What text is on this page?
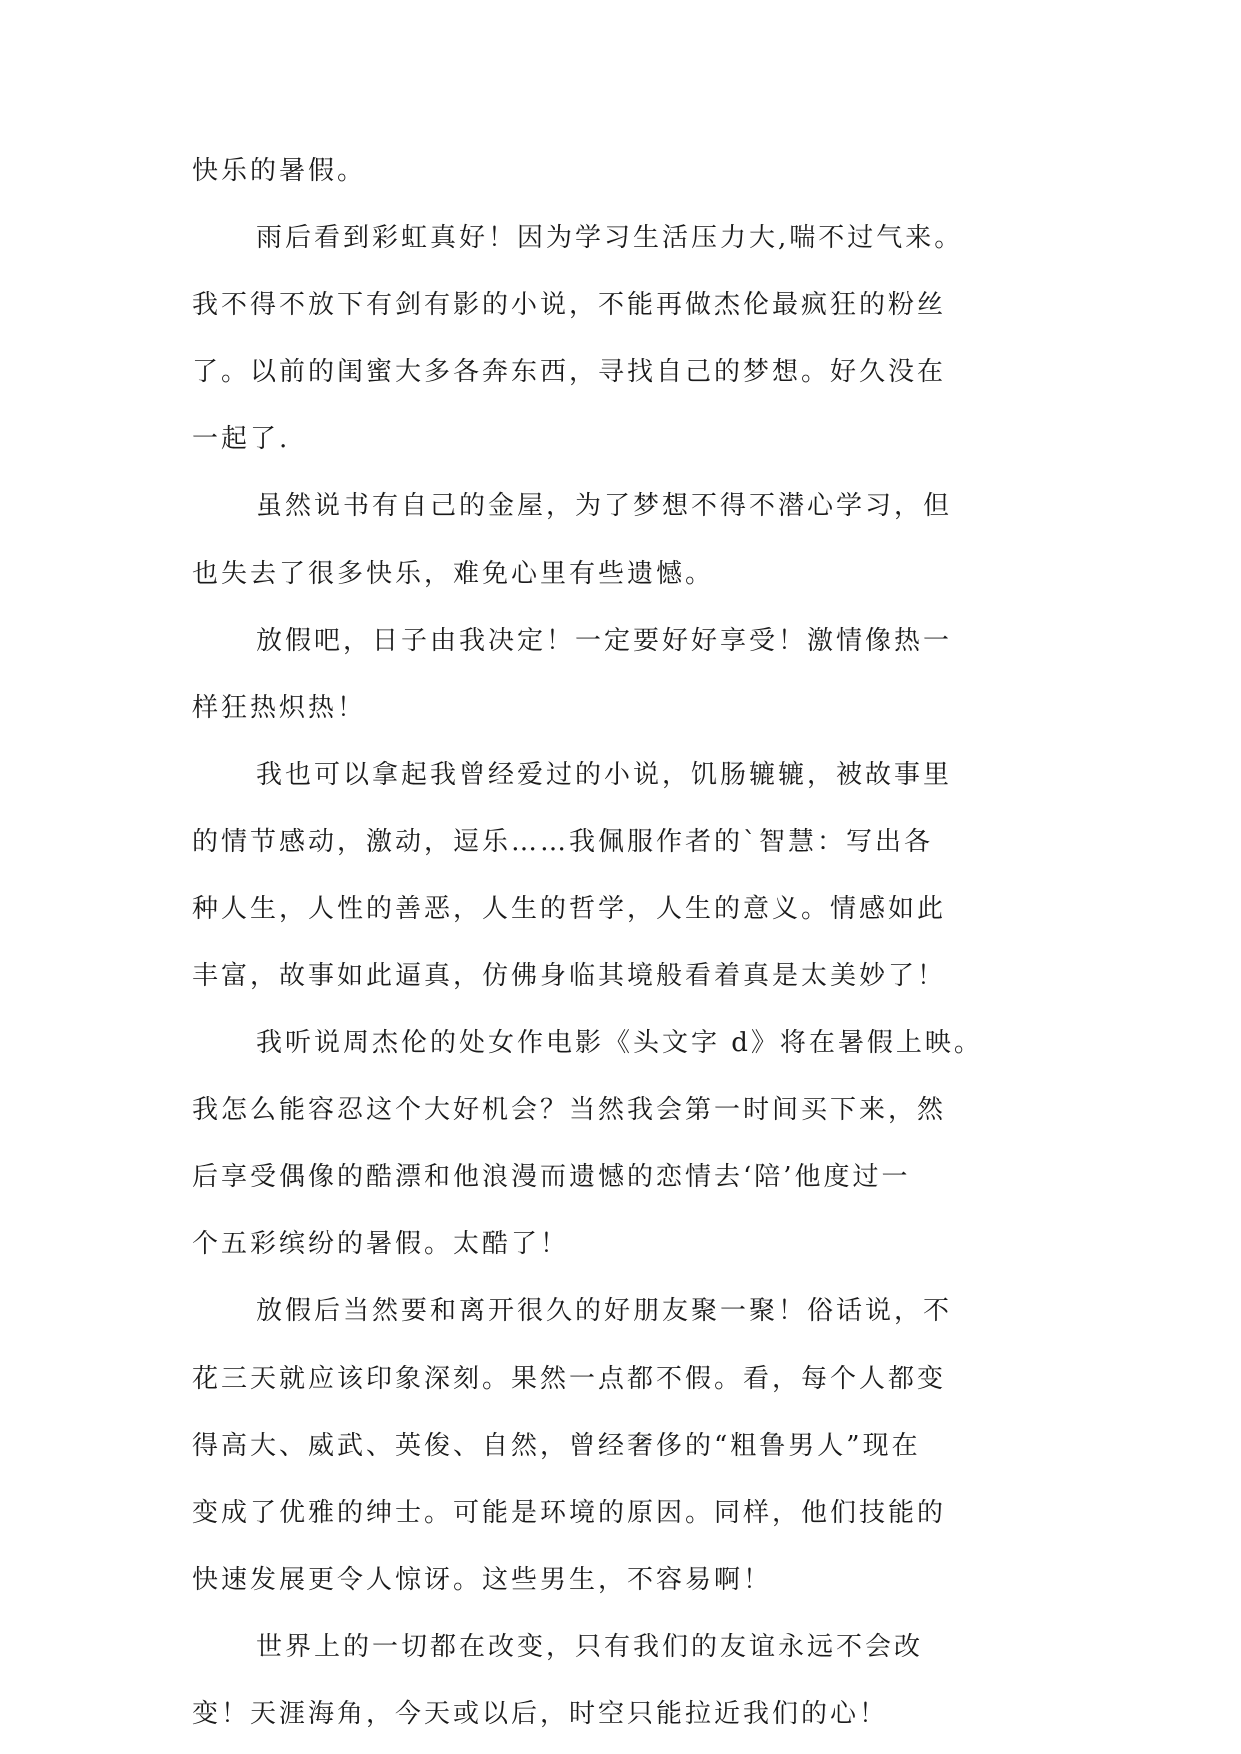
快乐的暑假。
雨后看到彩虹真好！因为学习生活压力大,喘不过气来。
我不得不放下有剑有影的小说，不能再做杰伦最疯狂的粉丝
了。以前的闺蜜大多各奔东西，寻找自己的梦想。好久没在
一起了.
虽然说书有自己的金屋，为了梦想不得不潜心学习，但
也失去了很多快乐，难免心里有些遗憾。
放假吧，日子由我决定！一定要好好享受！激情像热一
样狂热炽热！
我也可以拿起我曾经爱过的小说，饥肠辘辘，被故事里
的情节感动，激动，逗乐……我佩服作者的`智慧：写出各
种人生，人性的善恶，人生的哲学，人生的意义。情感如此
丰富，故事如此逼真，仿佛身临其境般看着真是太美妙了！
我听说周杰伦的处女作电影《头文字 d》将在暑假上映。
我怎么能容忍这个大好机会？当然我会第一时间买下来，然
后享受偶像的酷漂和他浪漫而遗憾的恋情去‘陪’他度过一
个五彩缤纷的暑假。太酷了！
放假后当然要和离开很久的好朋友聚一聚！俗话说，不
花三天就应该印象深刻。果然一点都不假。看，每个人都变
得高大、威武、英俊、自然，曾经奢侈的“粗鲁男人”现在
变成了优雅的绅士。可能是环境的原因。同样，他们技能的
快速发展更令人惊讶。这些男生，不容易啊！
世界上的一切都在改变，只有我们的友谊永远不会改
变！天涯海角，今天或以后，时空只能拉近我们的心！
